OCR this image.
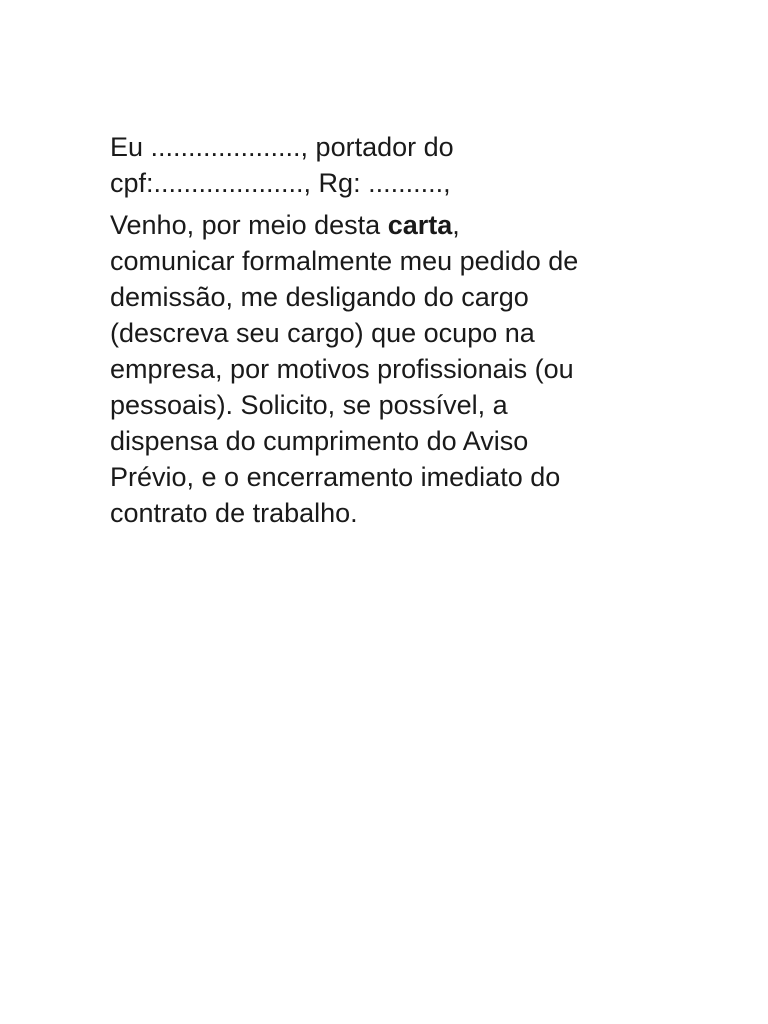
Eu ...................., portador do

cpf:...................., Rg: ..........,

Venho, por meio desta carta,

comunicar formalmente meu pedido de

demissão, me desligando do cargo

(descreva seu cargo) que ocupo na

empresa, por motivos profissionais (ou

pessoais). Solicito, se possível, a

dispensa do cumprimento do Aviso

Prévio, e o encerramento imediato do

contrato de trabalho.
